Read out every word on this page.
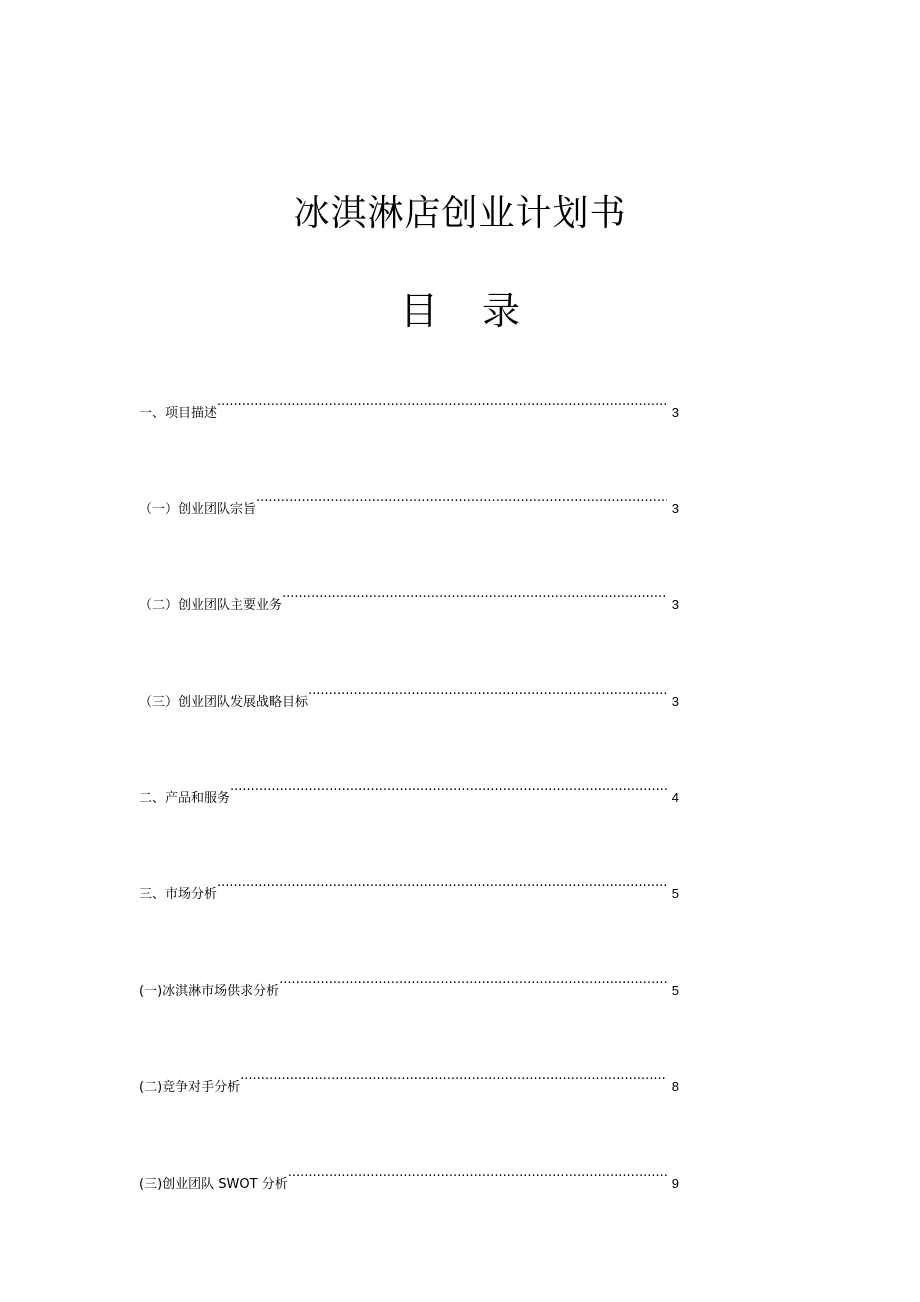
冰淇淋店创业计划书
目 录
一、项目描述 ·····	3
（一）创业团队宗旨 ·····	3
（二）创业团队主要业务 ·····	3
（三）创业团队发展战略目标 ·····	3
二、产品和服务 ·····	4
三、市场分析 ·····	5
(一)冰淇淋市场供求分析 ·····	5
(二)竞争对手分析 ·····	8
(三)创业团队 SWOT 分析 ·····	9
